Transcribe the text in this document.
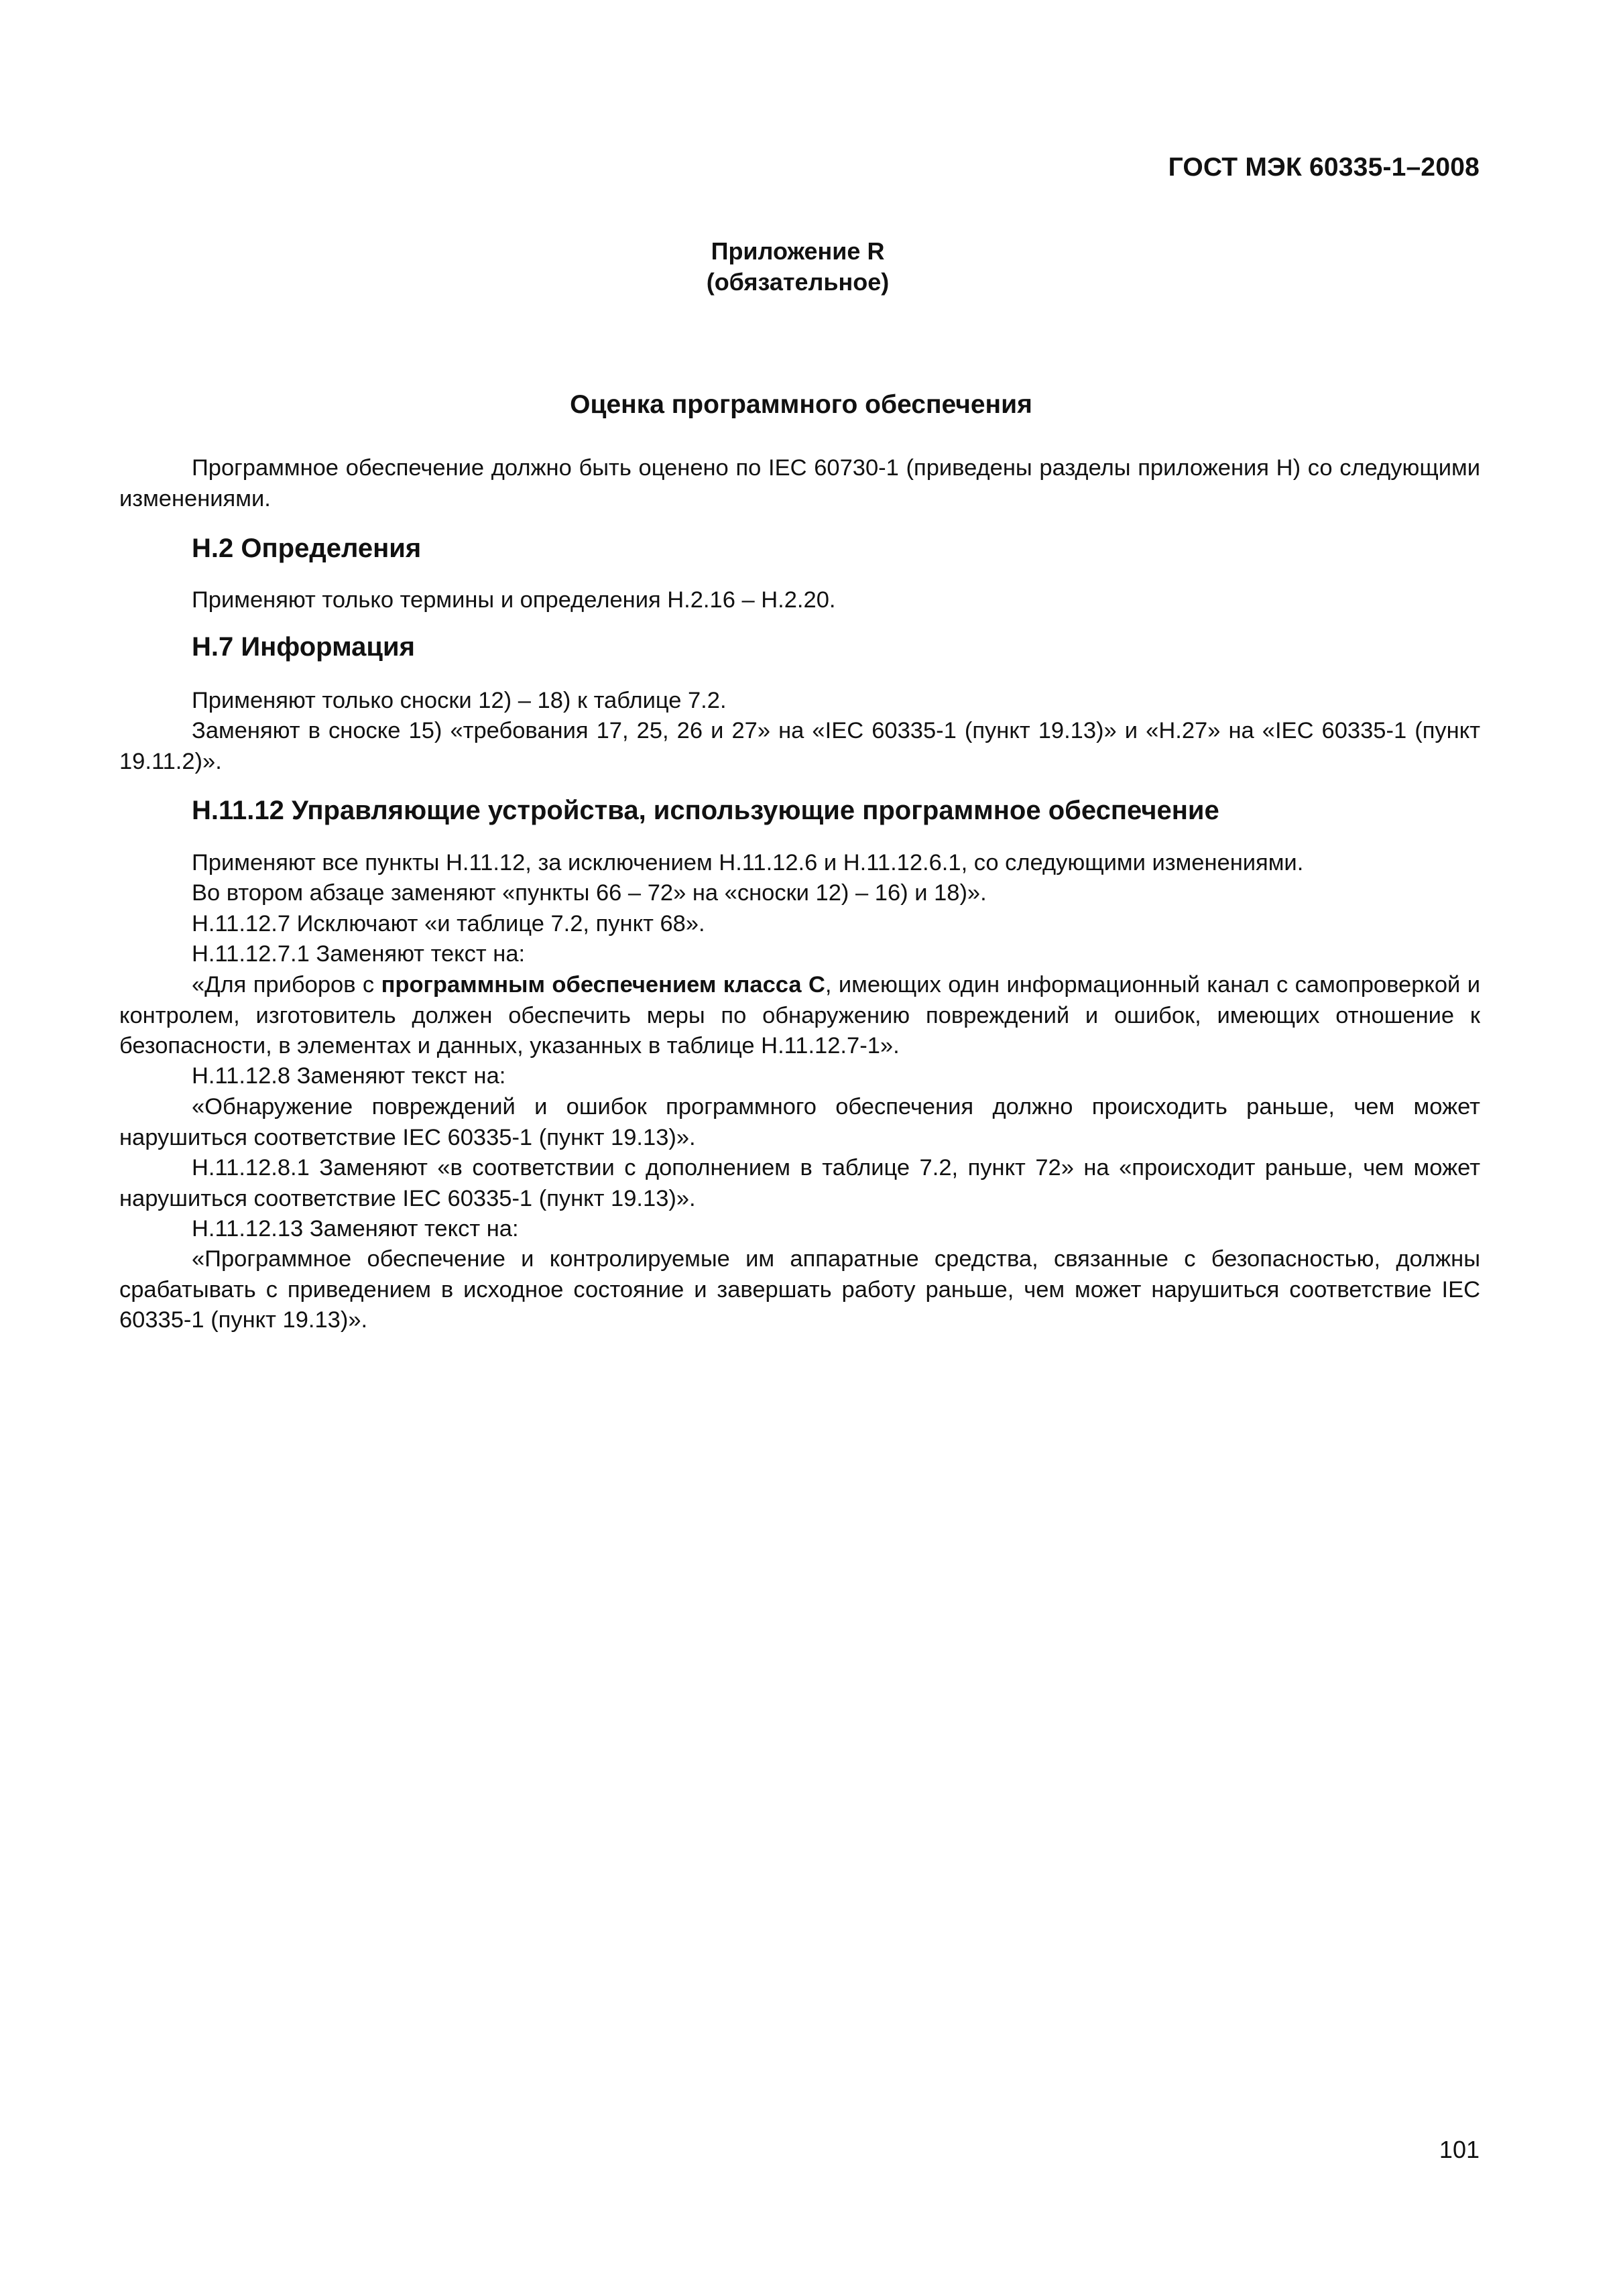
ГОСТ МЭК 60335-1–2008
Приложение R
(обязательное)
Оценка программного обеспечения

Программное обеспечение должно быть оценено по IEC 60730-1 (приведены разделы приложения H) со следующими изменениями.

H.2 Определения

Применяют только термины и определения H.2.16 – H.2.20.

H.7 Информация

Применяют только сноски 12) – 18) к таблице 7.2.

Заменяют в сноске 15) «требования 17, 25, 26 и 27» на «IEC 60335-1 (пункт 19.13)» и «H.27» на «IEC 60335-1 (пункт 19.11.2)».

H.11.12 Управляющие устройства, использующие программное обеспечение

Применяют все пункты H.11.12, за исключением H.11.12.6 и H.11.12.6.1, со следующими изменениями.

Во втором абзаце заменяют «пункты 66 – 72» на «сноски 12) – 16) и 18)».

H.11.12.7 Исключают «и таблице 7.2, пункт 68».

H.11.12.7.1 Заменяют текст на:

«Для приборов с программным обеспечением класса С, имеющих один информационный канал с самопроверкой и контролем, изготовитель должен обеспечить меры по обнаружению повреждений и ошибок, имеющих отношение к безопасности, в элементах и данных, указанных в таблице H.11.12.7-1».

H.11.12.8 Заменяют текст на:

«Обнаружение повреждений и ошибок программного обеспечения должно происходить раньше, чем может нарушиться соответствие IEC 60335-1 (пункт 19.13)».

H.11.12.8.1 Заменяют «в соответствии с дополнением в таблице 7.2, пункт 72» на «происходит раньше, чем может нарушиться соответствие IEC 60335-1 (пункт 19.13)».

H.11.12.13 Заменяют текст на:

«Программное обеспечение и контролируемые им аппаратные средства, связанные с безопасностью, должны срабатывать с приведением в исходное состояние и завершать работу раньше, чем может нарушиться соответствие IEC 60335-1 (пункт 19.13)».

101
